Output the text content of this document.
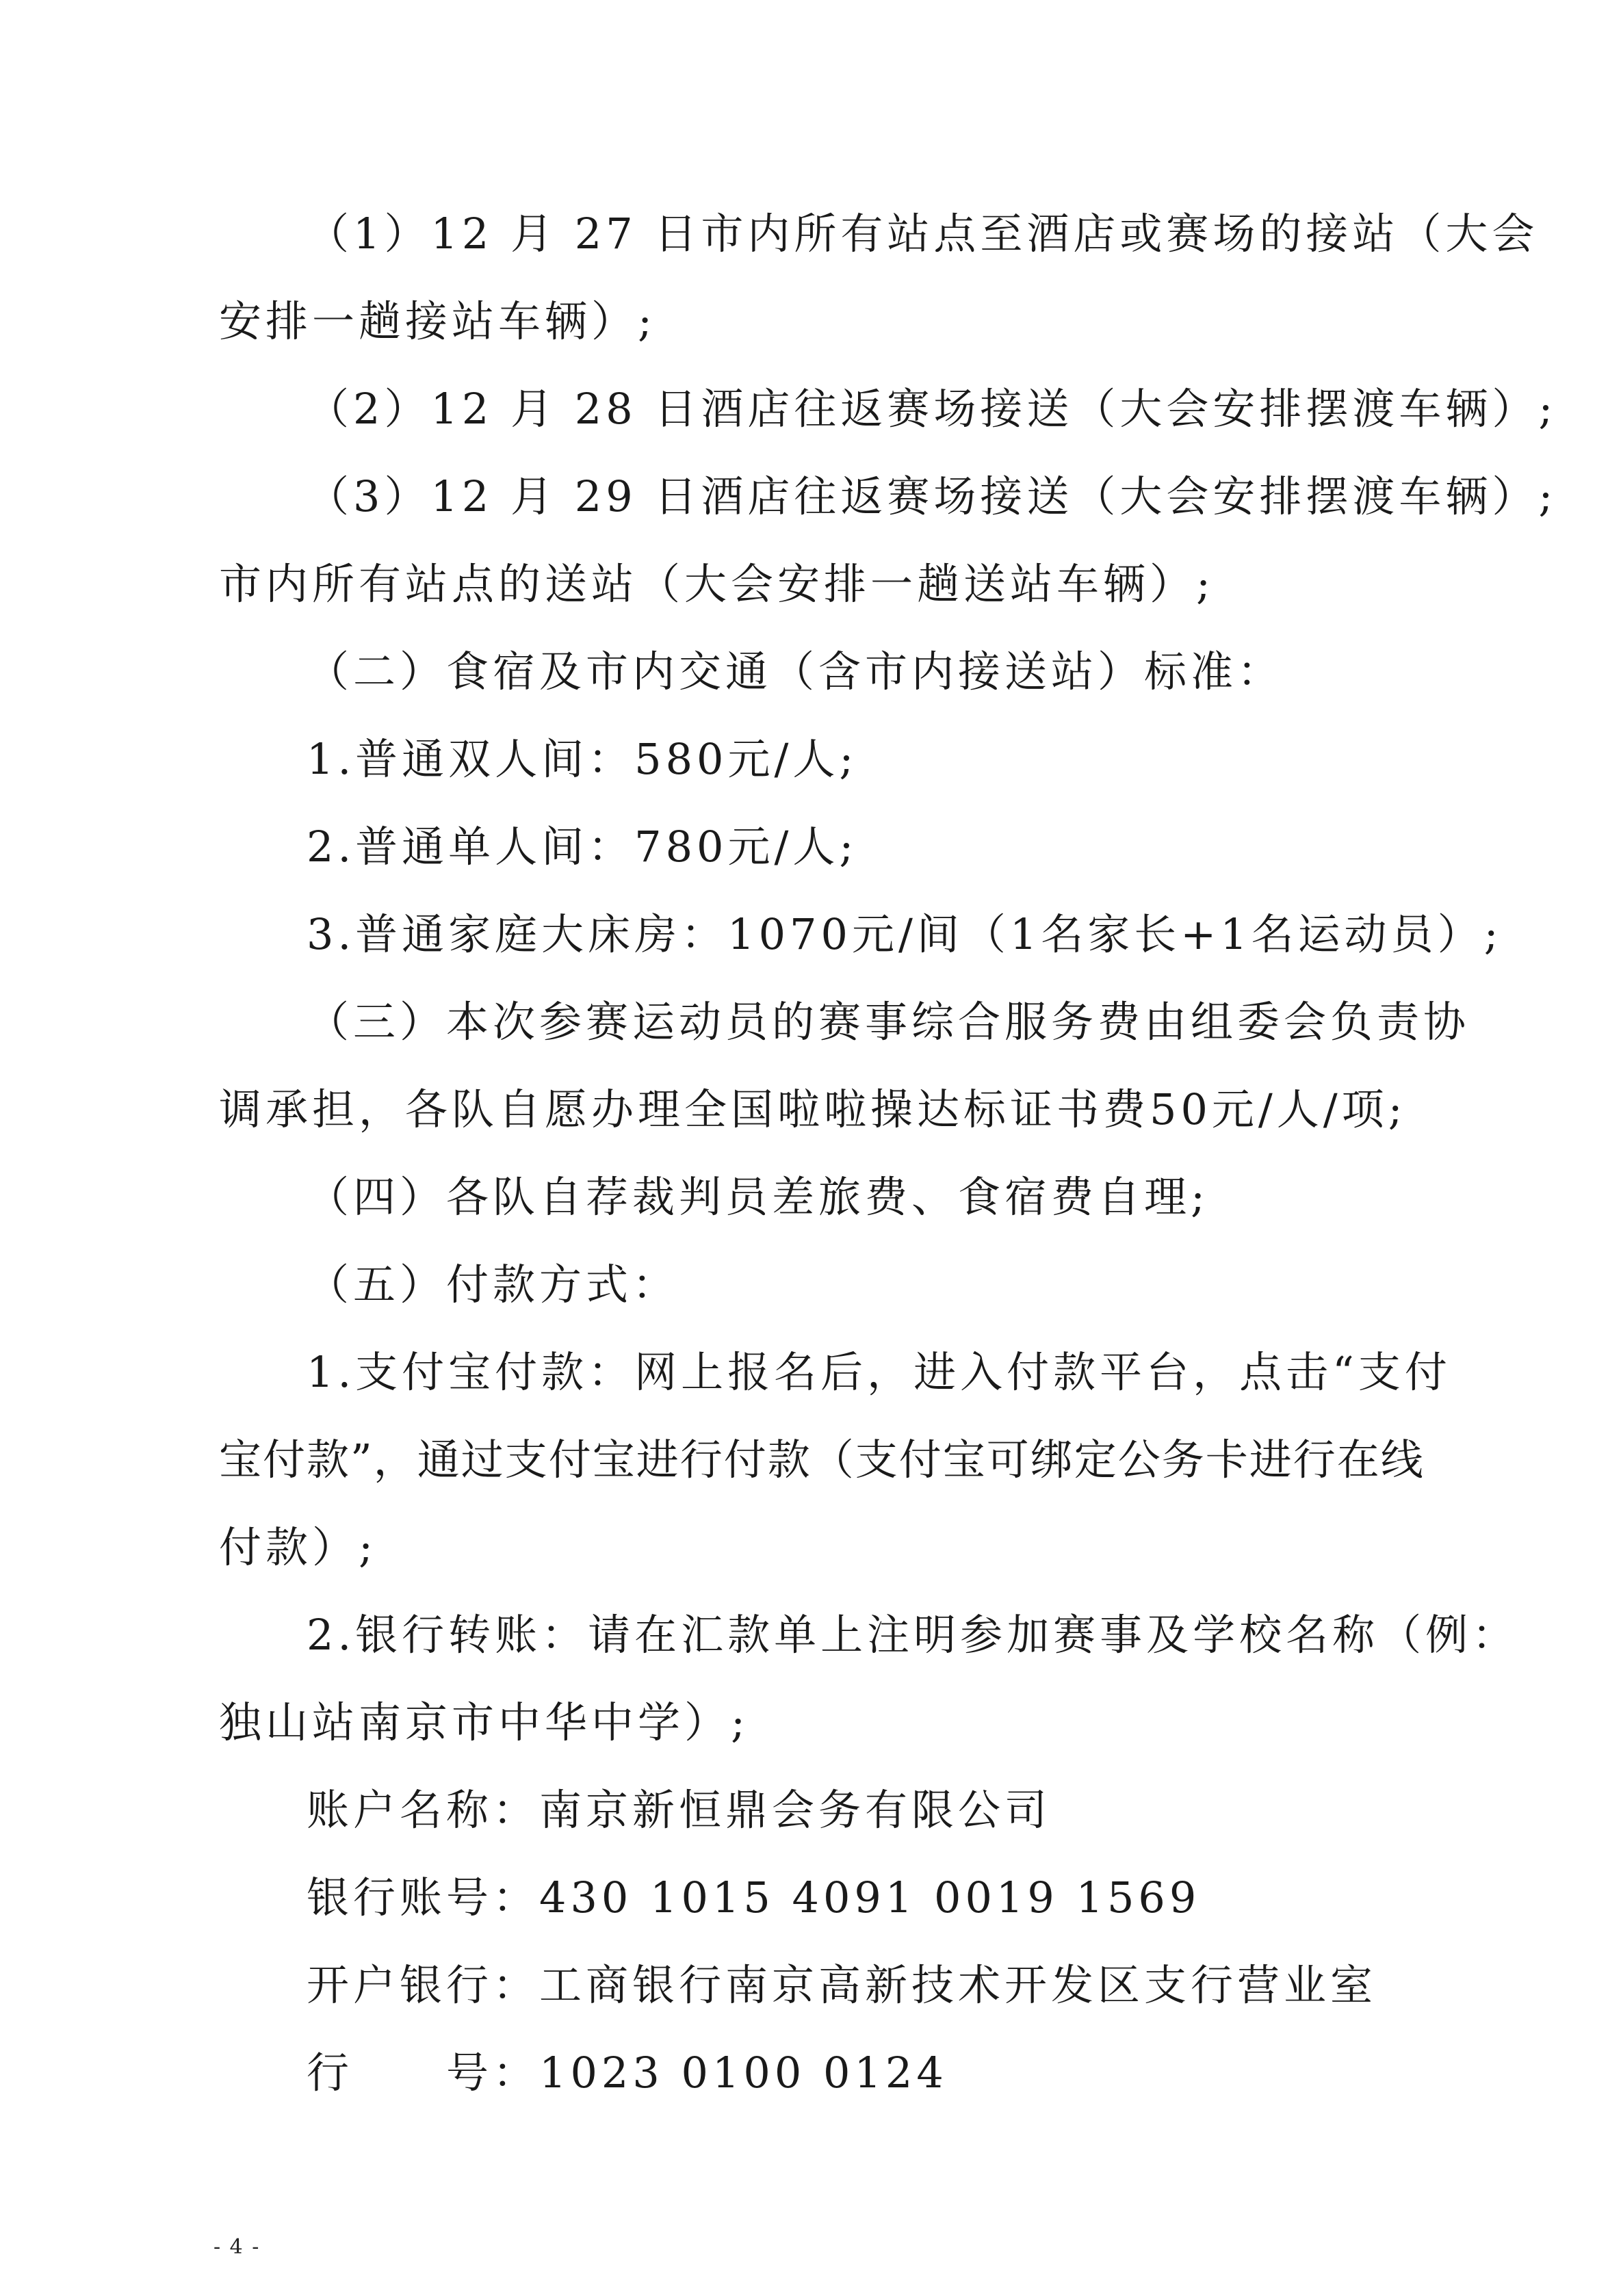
（1）12 月 27 日市内所有站点至酒店或赛场的接站（大会
安排一趟接站车辆）;
（2）12 月 28 日酒店往返赛场接送（大会安排摆渡车辆）;
（3）12 月 29 日酒店往返赛场接送（大会安排摆渡车辆）;
市内所有站点的送站（大会安排一趟送站车辆）;
（二）食宿及市内交通（含市内接送站）标准：
1.普通双人间：580元/人;
2.普通单人间：780元/人;
3.普通家庭大床房：1070元/间（1名家长+1名运动员）;
（三）本次参赛运动员的赛事综合服务费由组委会负责协
调承担，各队自愿办理全国啦啦操达标证书费50元/人/项;
（四）各队自荐裁判员差旅费、食宿费自理;
（五）付款方式：
1.支付宝付款：网上报名后，进入付款平台，点击“支付
宝付款”，通过支付宝进行付款（支付宝可绑定公务卡进行在线
付款）;
2.银行转账：请在汇款单上注明参加赛事及学校名称（例：
独山站南京市中华中学）;
账户名称：南京新恒鼎会务有限公司
银行账号：430 1015 4091 0019 1569
开户银行：工商银行南京高新技术开发区支行营业室
行　　号：1023 0100 0124
- 4 -
